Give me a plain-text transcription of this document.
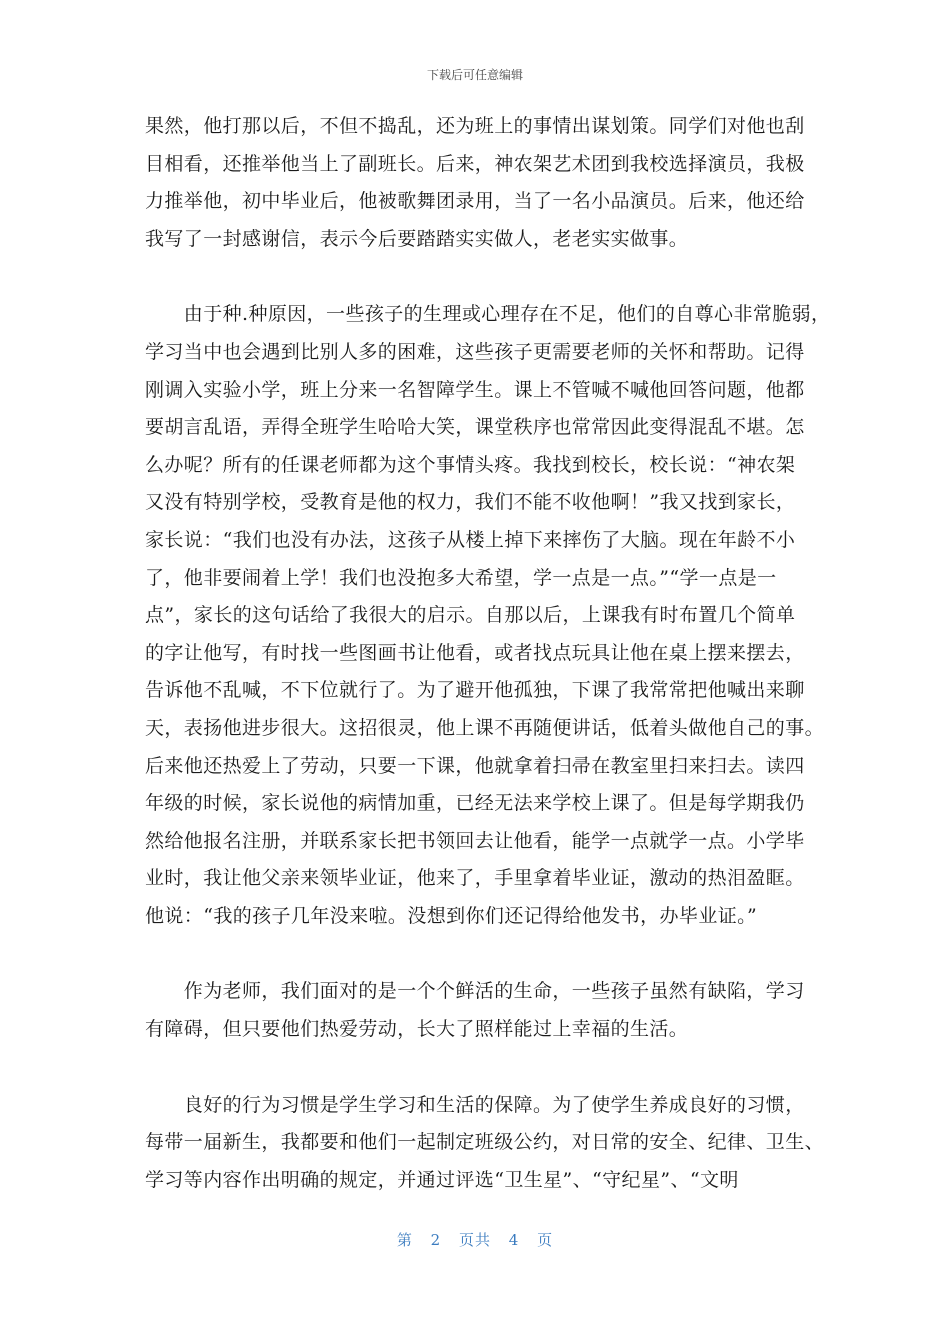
下载后可任意编辑
果然，他打那以后，不但不捣乱，还为班上的事情出谋划策。同学们对他也刮
目相看，还推举他当上了副班长。后来，神农架艺术团到我校选择演员，我极
力推举他，初中毕业后，他被歌舞团录用，当了一名小品演员。后来，他还给
我写了一封感谢信，表示今后要踏踏实实做人，老老实实做事。
　　由于种.种原因，一些孩子的生理或心理存在不足，他们的自尊心非常脆弱，
学习当中也会遇到比别人多的困难，这些孩子更需要老师的关怀和帮助。记得
刚调入实验小学，班上分来一名智障学生。课上不管喊不喊他回答问题，他都
要胡言乱语，弄得全班学生哈哈大笑，课堂秩序也常常因此变得混乱不堪。怎
么办呢？所有的任课老师都为这个事情头疼。我找到校长，校长说：“神农架
又没有特别学校，受教育是他的权力，我们不能不收他啊！”我又找到家长，
家长说：“我们也没有办法，这孩子从楼上掉下来摔伤了大脑。现在年龄不小
了，他非要闹着上学！我们也没抱多大希望，学一点是一点。”“学一点是一
点”，家长的这句话给了我很大的启示。自那以后，上课我有时布置几个简单
的字让他写，有时找一些图画书让他看，或者找点玩具让他在桌上摆来摆去，
告诉他不乱喊，不下位就行了。为了避开他孤独，下课了我常常把他喊出来聊
天，表扬他进步很大。这招很灵，他上课不再随便讲话，低着头做他自己的事。
后来他还热爱上了劳动，只要一下课，他就拿着扫帚在教室里扫来扫去。读四
年级的时候，家长说他的病情加重，已经无法来学校上课了。但是每学期我仍
然给他报名注册，并联系家长把书领回去让他看，能学一点就学一点。小学毕
业时，我让他父亲来领毕业证，他来了，手里拿着毕业证，激动的热泪盈眶。
他说：“我的孩子几年没来啦。没想到你们还记得给他发书，办毕业证。”
　　作为老师，我们面对的是一个个鲜活的生命，一些孩子虽然有缺陷，学习
有障碍，但只要他们热爱劳动，长大了照样能过上幸福的生活。
　　良好的行为习惯是学生学习和生活的保障。为了使学生养成良好的习惯，
每带一届新生，我都要和他们一起制定班级公约，对日常的安全、纪律、卫生、
学习等内容作出明确的规定，并通过评选“卫生星”、“守纪星”、“文明
第 2 页共 4 页
